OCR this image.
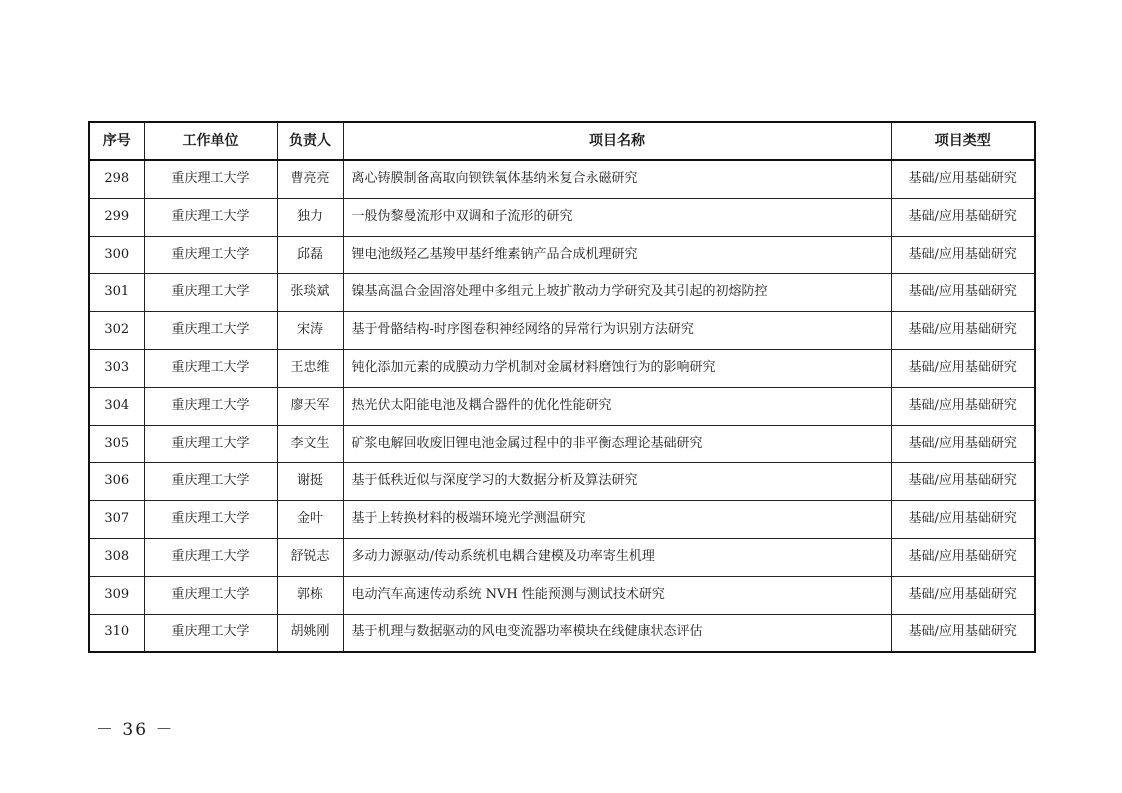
序号	工作单位	负责人	项目名称	项目类型
298	重庆理工大学	曹亮亮	离心铸膜制备高取向钡铁氧体基纳米复合永磁研究	基础/应用基础研究
299	重庆理工大学	独力	一般伪黎曼流形中双调和子流形的研究	基础/应用基础研究
300	重庆理工大学	邱磊	锂电池级羟乙基羧甲基纤维素钠产品合成机理研究	基础/应用基础研究
301	重庆理工大学	张琰斌	镍基高温合金固溶处理中多组元上坡扩散动力学研究及其引起的初熔防控	基础/应用基础研究
302	重庆理工大学	宋涛	基于骨骼结构-时序图卷积神经网络的异常行为识别方法研究	基础/应用基础研究
303	重庆理工大学	王忠维	钝化添加元素的成膜动力学机制对金属材料磨蚀行为的影响研究	基础/应用基础研究
304	重庆理工大学	廖天军	热光伏太阳能电池及耦合器件的优化性能研究	基础/应用基础研究
305	重庆理工大学	李文生	矿浆电解回收废旧锂电池金属过程中的非平衡态理论基础研究	基础/应用基础研究
306	重庆理工大学	谢挺	基于低秩近似与深度学习的大数据分析及算法研究	基础/应用基础研究
307	重庆理工大学	金叶	基于上转换材料的极端环境光学测温研究	基础/应用基础研究
308	重庆理工大学	舒锐志	多动力源驱动/传动系统机电耦合建模及功率寄生机理	基础/应用基础研究
309	重庆理工大学	郭栋	电动汽车高速传动系统 NVH 性能预测与测试技术研究	基础/应用基础研究
310	重庆理工大学	胡姚刚	基于机理与数据驱动的风电变流器功率模块在线健康状态评估	基础/应用基础研究
－ 36 －
